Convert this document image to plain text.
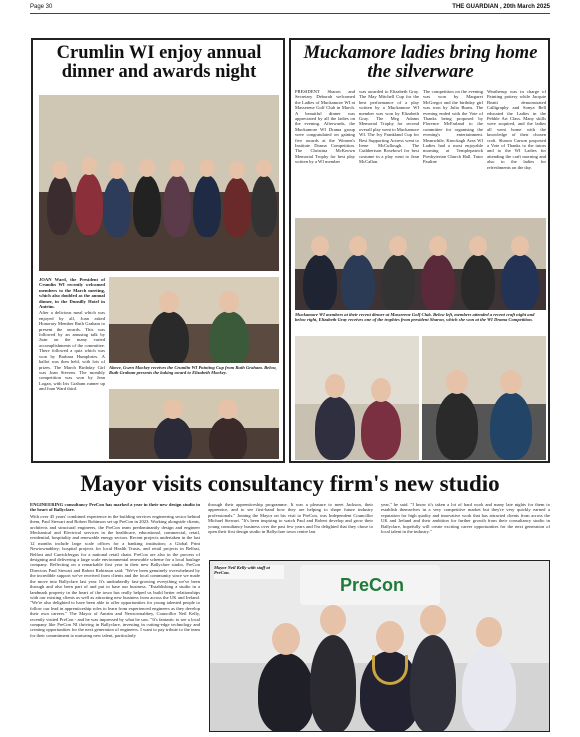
Page 30	THE GUARDIAN , 20th March 2025
Crumlin WI enjoy annual dinner and awards night

JOAN Ward, the President of Crumlin WI recently welcomed members to the March meeting, which also doubled as the annual dinner, in the Dunsilly Hotel in Antrim.

After a delicious meal which was enjoyed by all, Joan asked Honorary Member Ruth Graham to present the awards. This was followed by an amusing talk by Joan on the many varied accomplishments of the committee. There followed a quiz which was won by Barbara Humphries. A ballot was then held, with lots of prizes. The March Birthday Girl was Joan Stevens. The monthly competition was won by Jean Logan, with Iris Graham runner up and Joan Ward third.

Above, Gwen Mackey receives the Crumlin WI Painting Cup from Ruth Graham. Below, Ruth Graham presents the baking award to Elizabeth Mackey.
Muckamore ladies bring home the silverware
PRESIDENT Sharon and Secretary Deborah welcomed the Ladies of Muckamore WI at Masserene Golf Club in March. A beautiful dinner was appreciated by all the ladies on the evening. Afterwards, the Muckamore WI Drama group were congratulated on gaining five awards at the Women's Institute Drama Competition. The Christina McKeown Memorial Trophy for best play written by a WI member
was awarded to Elizabeth Gray. The May Mitchell Cup for the best performance of a play written by a Muckamore WI member was won by Elizabeth Gray. The Meg Adams Memorial Trophy for second overall play went to Muckamore WI. The Ivy Frankland Cup for Best Supporting Actress went to Irene McCullough. The Cuthbertson Rosebowl for best costume in a play went to Jean McCallan.
The competition on the evening was won by Margaret McGregor and the birthday girl was won by Julia Burns. The evening ended with the Vote of Thanks being proposed by Florence McFarland to the committee for organising the evening's entertainment. Meanwhile, Knockagh Area WI Ladies had a most enjoyable morning at Templepatrick Presbyterian Church Hall. Tutor Pauline
Weatherup was in charge of Painting pottery while Jacquie Beatti demonstrated Calligraphy and Sonya Bell educated the Ladies in the Pebble Art Class. Many skills were acquired, and the ladies all went home with the knowledge of their chosen craft. Sharon Carson proposed a Vote of Thanks to the tutors and to the WI Ladies for attending the craft morning and also to the ladies for refreshments on the day.
Muckamore WI members at their recent dinner at Masserene Golf Club. Below left, members attended a recent craft night and below right, Elizabeth Gray receives one of the trophies from president Sharon, which she won at the WI Drama Competition.
Mayor visits consultancy firm's new studio

ENGINEERING consultancy PreCon has marked a year in their new design studio in the heart of Ballyclare.

With over 45 years' combined experience in the building services engineering sector behind them, Paul Stewart and Robert Robinson set up PreCon in 2023. Working alongside clients, architects and structural engineers, the PreCon team predominantly design and engineer Mechanical and Electrical services in the healthcare, educational, commercial, retail, residential, hospitality and renewable energy sectors. Recent projects undertaken in the last 12 months include large scale offices for a banking institution; a Global Print Newtownabbey; hospital projects for local Health Trusts, and retail projects in Belfast, Belfast and Carrickfergus for a national retail chain. PreCon are also in the process of designing and delivering a large scale environmental renewable scheme for a local haulage company. Reflecting on a remarkable first year in their new Ballyclare studio, PreCon Directors Paul Stewart and Robert Robinson said: "We've been genuinely overwhelmed by the incredible support we've received from clients and the local community since we made the move into Ballyclare last year. It's undoubtedly fast-growing everything we've been through and also been part of and put to base our business. "Establishing a studio in a landmark property in the heart of the town has really helped us build better relationships with our existing clients as well as attracting new business from across the UK and Ireland. "We're also delighted to have been able to offer opportunities for young talented people to follow our lead in apprenticeship roles to learn from experienced engineers as they develop their own careers." The Mayor of Antrim and Newtownabbey, Councillor Neil Kelly, recently visited PreCon - and he was impressed by what he saw. "It's fantastic to see a local company like PreCon NI thriving in Ballyclare, investing in cutting-edge technology and creating opportunities for the next generation of engineers. I want to pay tribute to the team for their commitment to nurturing new talent, particularly

through their apprenticeship programme. It was a pleasure to meet Jackson, their apprentice, and to see first-hand how they are helping to shape future industry professionals." Joining the Mayor on his visit to PreCon, was Independent Councillor Michael Stewart. "It's been inspiring to watch Paul and Robert develop and grow their young consultancy business over the past few years and I'm delighted that they chose to open their first design studio in Ballyclare town centre last
year," he said. "I know it's taken a lot of hard work and many late nights for them to establish themselves in a very competitive market but they're very quickly earned a reputation for high quality and innovative work that has attracted clients from across the UK and Ireland and their ambition for further growth from their consultancy studio in Ballyclare, hopefully will create exciting career opportunities for the next generation of local talent in the industry."
PreCon
Mayor Neil Kelly with staff at PreCon.
